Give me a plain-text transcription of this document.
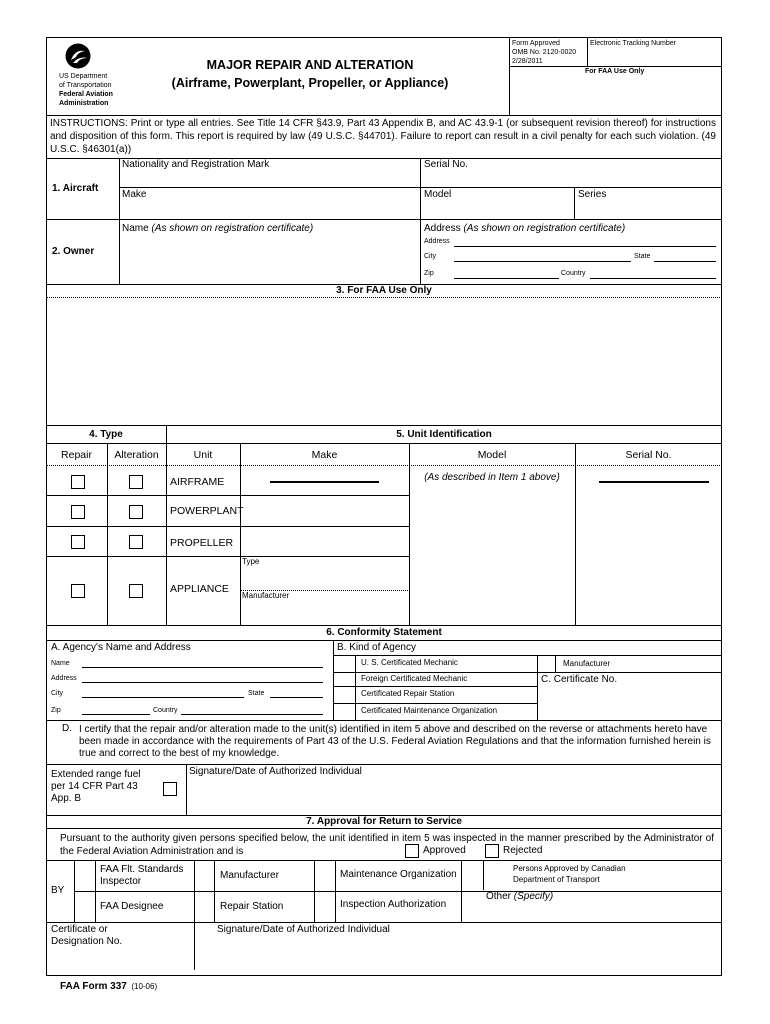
US Department
of Transportation
Federal Aviation
Administration
MAJOR REPAIR AND ALTERATION
(Airframe, Powerplant, Propeller, or Appliance)
Form Approved
OMB No. 2120-0020
2/28/2011
Electronic Tracking Number
For FAA Use Only
INSTRUCTIONS: Print or type all entries. See Title 14 CFR §43.9, Part 43 Appendix B, and AC 43.9-1 (or subsequent revision thereof) for instructions and disposition of this form. This report is required by law (49 U.S.C. §44701). Failure to report can result in a civil penalty for each such violation. (49 U.S.C. §46301(a))
1. Aircraft
Nationality and Registration Mark	Serial No.
Make	Model	Series
2. Owner
Name (As shown on registration certificate)	Address (As shown on registration certificate)
Address
City	State
Zip	Country
3. For FAA Use Only
4. Type	5. Unit Identification
Repair	Alteration	Unit	Make	Model	Serial No.
AIRFRAME
POWERPLANT
PROPELLER
APPLIANCE
(As described in Item 1 above)
Type
Manufacturer
6. Conformity Statement
A. Agency's Name and Address	B. Kind of Agency
Name
Address
City	State
Zip	Country
U. S. Certificated Mechanic
Foreign Certificated Mechanic
Certificated Repair Station
Certificated Maintenance Organization
Manufacturer
C. Certificate No.
D. I certify that the repair and/or alteration made to the unit(s) identified in item 5 above and described on the reverse or attachments hereto have been made in accordance with the requirements of Part 43 of the U.S. Federal Aviation Regulations and that the information furnished herein is true and correct to the best of my knowledge.
Extended range fuel
per 14 CFR Part 43
App. B
Signature/Date of Authorized Individual
7. Approval for Return to Service
Pursuant to the authority given persons specified below, the unit identified in item 5 was inspected in the manner prescribed by the Administrator of the Federal Aviation Administration and is	Approved	Rejected
BY
FAA Flt. Standards
Inspector
Manufacturer	Maintenance Organization
Persons Approved by Canadian
Department of Transport
FAA Designee	Repair Station	Inspection Authorization
Other (Specify)
Certificate or
Designation No.
Signature/Date of Authorized Individual
FAA Form 337 (10-06)
